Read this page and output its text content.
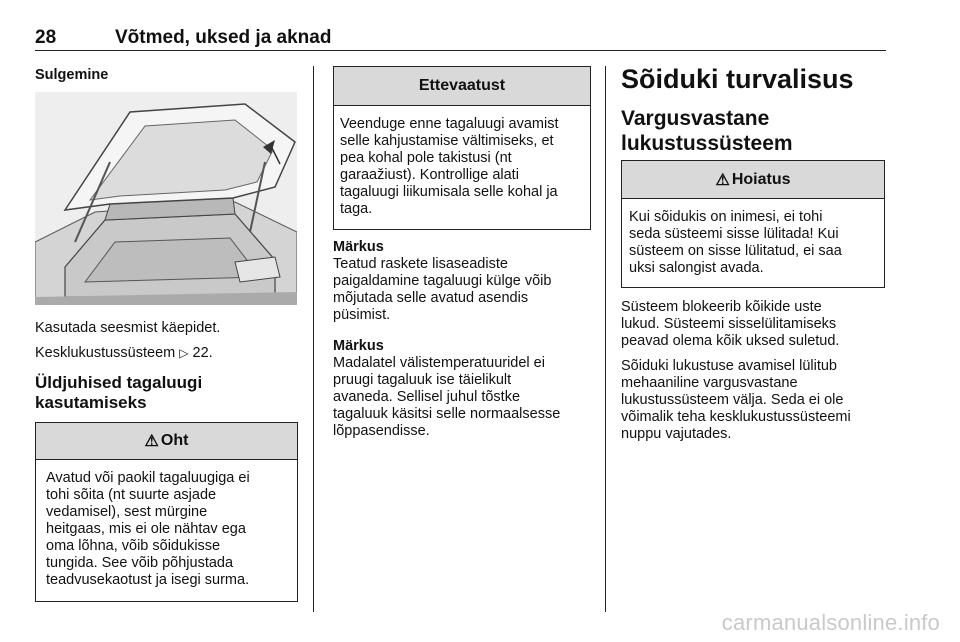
28	Võtmed, uksed ja aknad
Sulgemine

Kasutada seesmist käepidet.

Kesklukustussüsteem ▷ 22.

Üldjuhised tagaluugi
kasutamiseks
⚠ Oht
Avatud või paokil tagaluugiga ei
tohi sõita (nt suurte asjade
vedamisel), sest mürgine
heitgaas, mis ei ole nähtav ega
oma lõhna, võib sõidukisse
tungida. See võib põhjustada
teadvusekaotust ja isegi surma.
Ettevaatust
Veenduge enne tagaluugi avamist
selle kahjustamise vältimiseks, et
pea kohal pole takistusi (nt
garaažiust). Kontrollige alati
tagaluugi liikumisala selle kohal ja
taga.
Märkus
Teatud raskete lisaseadiste
paigaldamine tagaluugi külge võib
mõjutada selle avatud asendis
püsimist.
Märkus
Madalatel välistemperatuuridel ei
pruugi tagaluuk ise täielikult
avaneda. Sellisel juhul tõstke
tagaluuk käsitsi selle normaalsesse
lõppasendisse.
Sõiduki turvalisus
Vargusvastane
lukustussüsteem
⚠ Hoiatus
Kui sõidukis on inimesi, ei tohi
seda süsteemi sisse lülitada! Kui
süsteem on sisse lülitatud, ei saa
uksi salongist avada.
Süsteem blokeerib kõikide uste
lukud. Süsteemi sisselülitamiseks
peavad olema kõik uksed suletud.
Sõiduki lukustuse avamisel lülitub
mehaaniline vargusvastane
lukustussüsteem välja. Seda ei ole
võimalik teha kesklukustussüsteemi
nuppu vajutades.
carmanualsonline.info
